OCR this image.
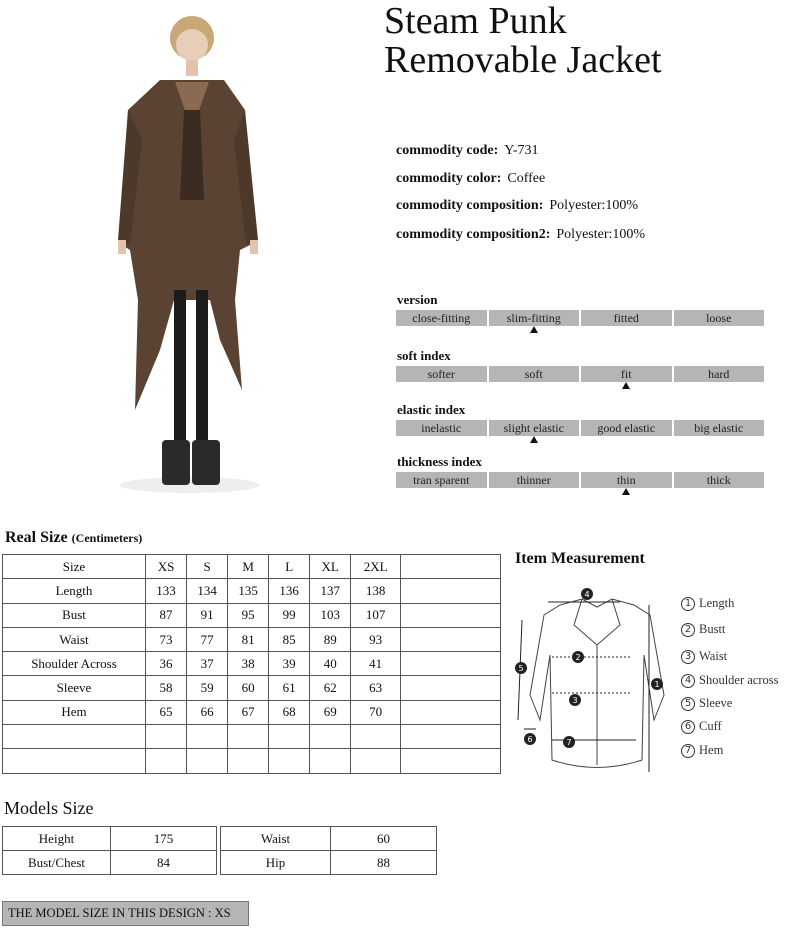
Steam Punk
Removable Jacket
commodity code: Y-731
commodity color: Coffee
commodity composition: Polyester:100%
commodity composition2: Polyester:100%
version
close-fitting	slim-fitting	fitted	loose
soft index
softer	soft	fit	hard
elastic index
inelastic	slight elastic	good elastic	big elastic
thickness index
tran sparent	thinner	thin	thick
Real Size (Centimeters)
Size	XS	S	M	L	XL	2XL	
Length	133	134	135	136	137	138	
Bust	87	91	95	99	103	107	
Waist	73	77	81	85	89	93	
Shoulder Across	36	37	38	39	40	41	
Sleeve	58	59	60	61	62	63	
Hem	65	66	67	68	69	70	

Item Measurement
4
2
3
7
1
5
6
1 Length
2 Bustt
3 Waist
4 Shoulder across
5 Sleeve
6 Cuff
7 Hem
Models Size
Height	175
Bust/Chest	84
Waist	60
Hip	88
THE MODEL SIZE IN THIS DESIGN : XS
